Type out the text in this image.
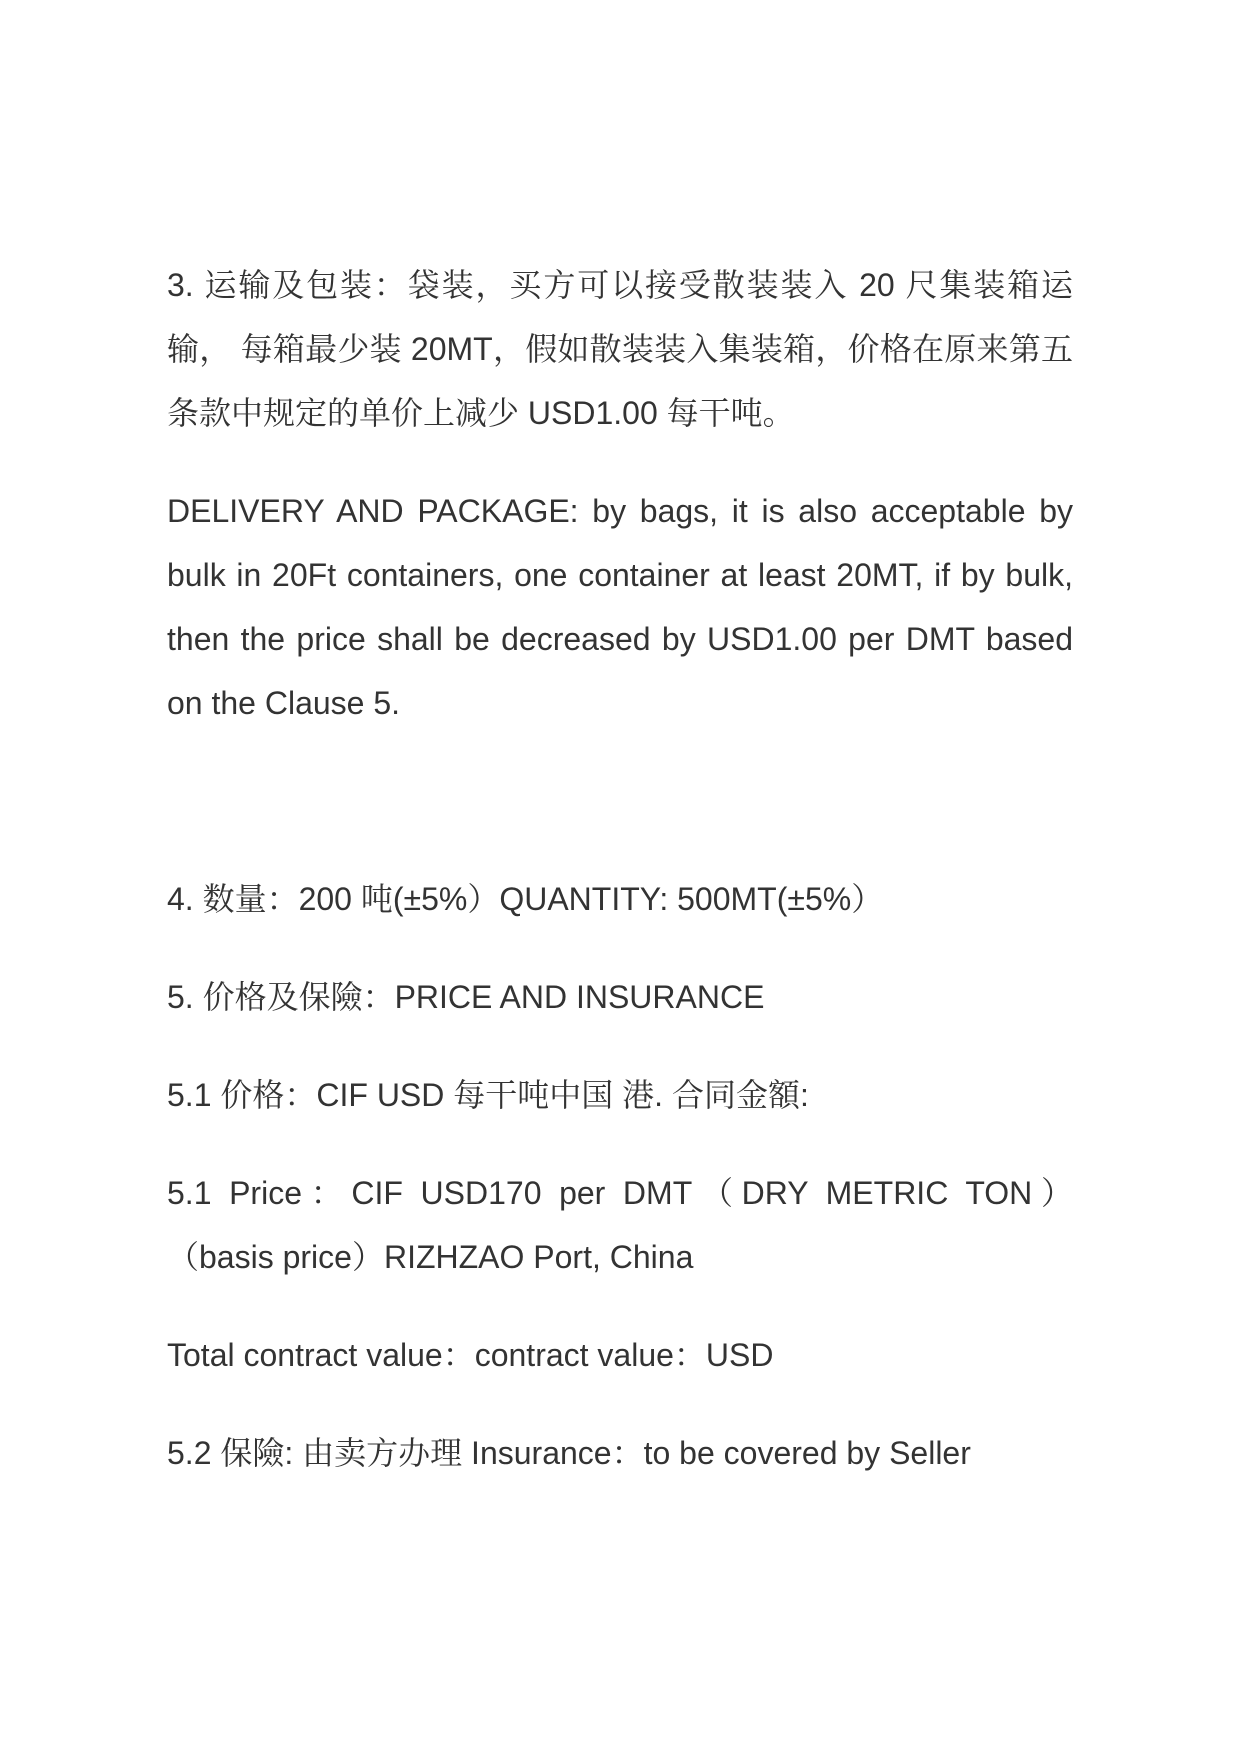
3. 运输及包装：袋装，买方可以接受散装装入 20 尺集装箱运输， 每箱最少装 20MT，假如散装装入集装箱，价格在原来第五条款中规定的单价上减少 USD1.00 每干吨。

DELIVERY AND PACKAGE: by bags, it is also acceptable by bulk in 20Ft containers, one container at least 20MT, if by bulk, then the price shall be decreased by USD1.00 per DMT based on the Clause 5.

4. 数量：200 吨(±5%）QUANTITY: 500MT(±5%）

5. 价格及保險：PRICE AND INSURANCE

5.1 价格：CIF USD 每干吨中国 港. 合同金額:

5.1 Price：CIF USD170 per DMT（DRY METRIC TON） （basis price）RIZHZAO Port, China

Total contract value：contract value：USD

5.2 保險: 由卖方办理 Insurance：to be covered by Seller
